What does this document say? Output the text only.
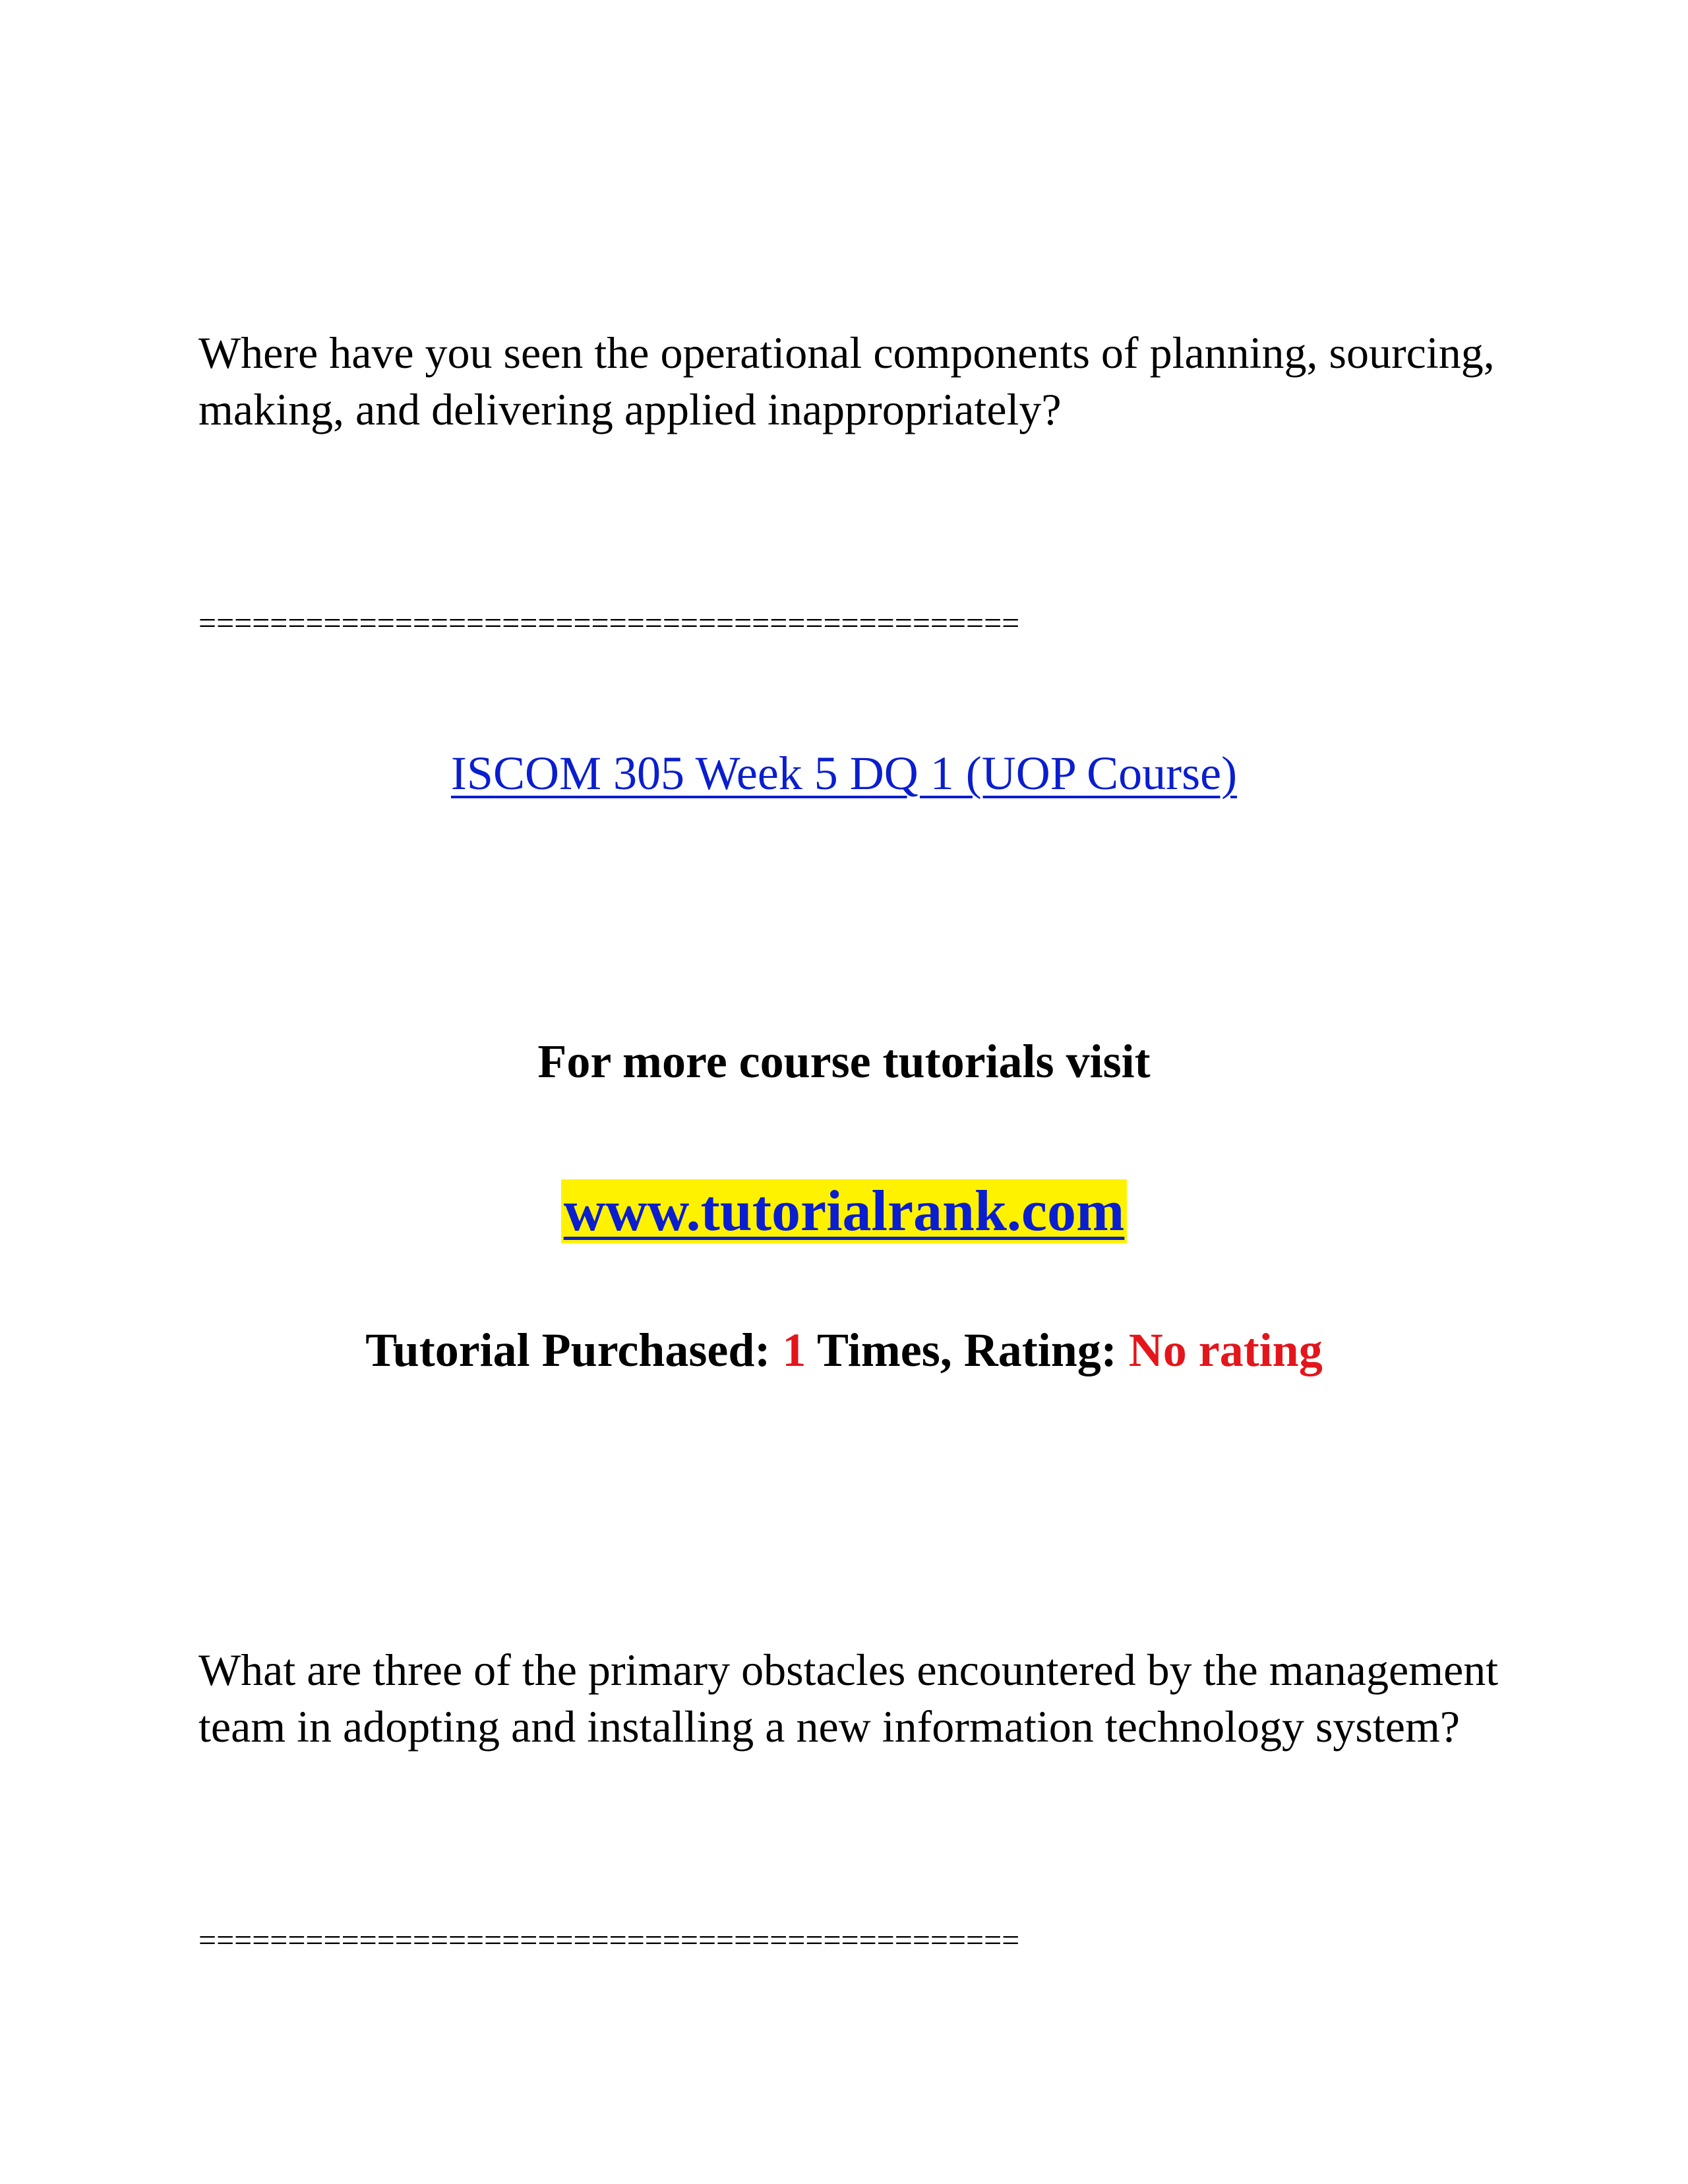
Where have you seen the operational components of planning, sourcing,
making, and delivering applied inappropriately?

==============================================
ISCOM 305 Week 5 DQ 1 (UOP Course)
For more course tutorials visit
www.tutorialrank.com
Tutorial Purchased: 1 Times, Rating: No rating

What are three of the primary obstacles encountered by the management
team in adopting and installing a new information technology system?

==============================================
